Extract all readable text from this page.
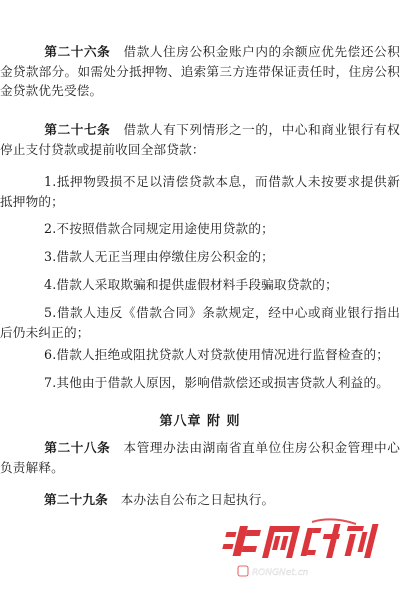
第二十六条  借款人住房公积金账户内的余额应优先偿还公积金贷款部分。如需处分抵押物、追索第三方连带保证责任时，住房公积金贷款优先受偿。

第二十七条  借款人有下列情形之一的，中心和商业银行有权停止支付贷款或提前收回全部贷款：

1.抵押物毁损不足以清偿贷款本息，而借款人未按要求提供新抵押物的；

2.不按照借款合同规定用途使用贷款的；

3.借款人无正当理由停缴住房公积金的；

4.借款人采取欺骗和提供虚假材料手段骗取贷款的；

5.借款人违反《借款合同》条款规定，经中心或商业银行指出后仍未纠正的；

6.借款人拒绝或阻扰贷款人对贷款使用情况进行监督检查的；

7.其他由于借款人原因，影响借款偿还或损害贷款人利益的。

第八章 附 则

第二十八条  本管理办法由湖南省直单位住房公积金管理中心负责解释。

第二十九条  本办法自公布之日起执行。

RONGNet.cn
